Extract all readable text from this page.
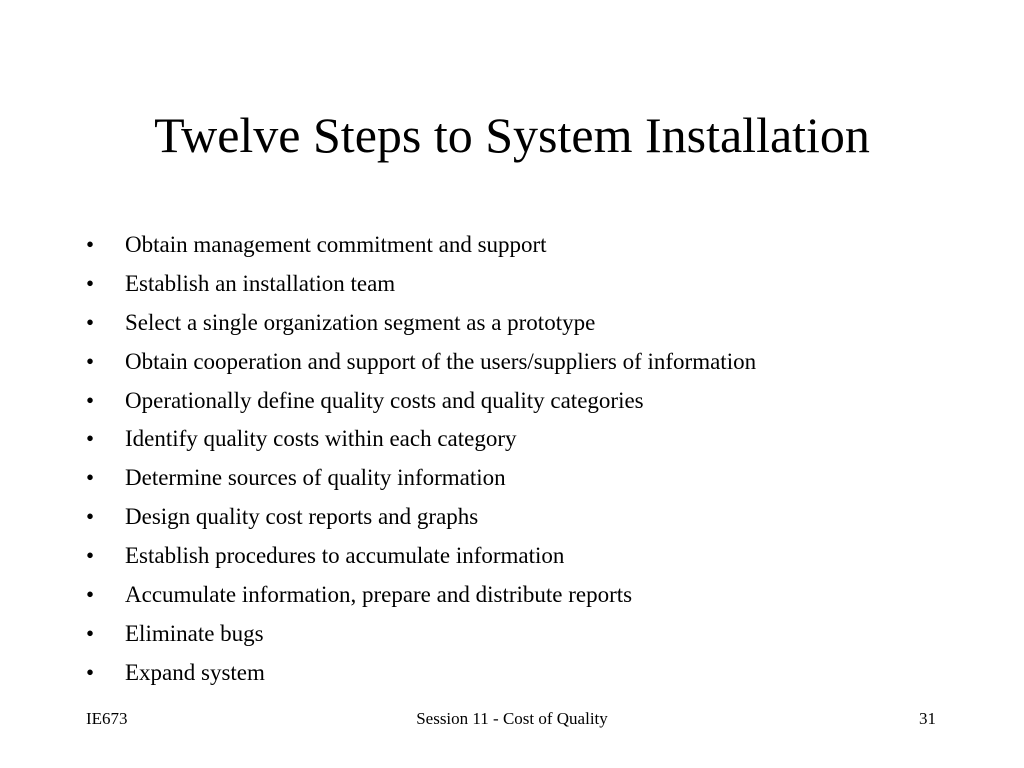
Twelve Steps to System Installation
•	Obtain management commitment and support
•	Establish an installation team
•	Select a single organization segment as a prototype
•	Obtain cooperation and support of the users/suppliers of information
•	Operationally define quality costs and quality categories
•	Identify quality costs within each category
•	Determine sources of quality information
•	Design quality cost reports and graphs
•	Establish procedures to accumulate information
•	Accumulate information, prepare and distribute reports
•	Eliminate bugs
•	Expand system
IE673	Session 11 - Cost of Quality	31
